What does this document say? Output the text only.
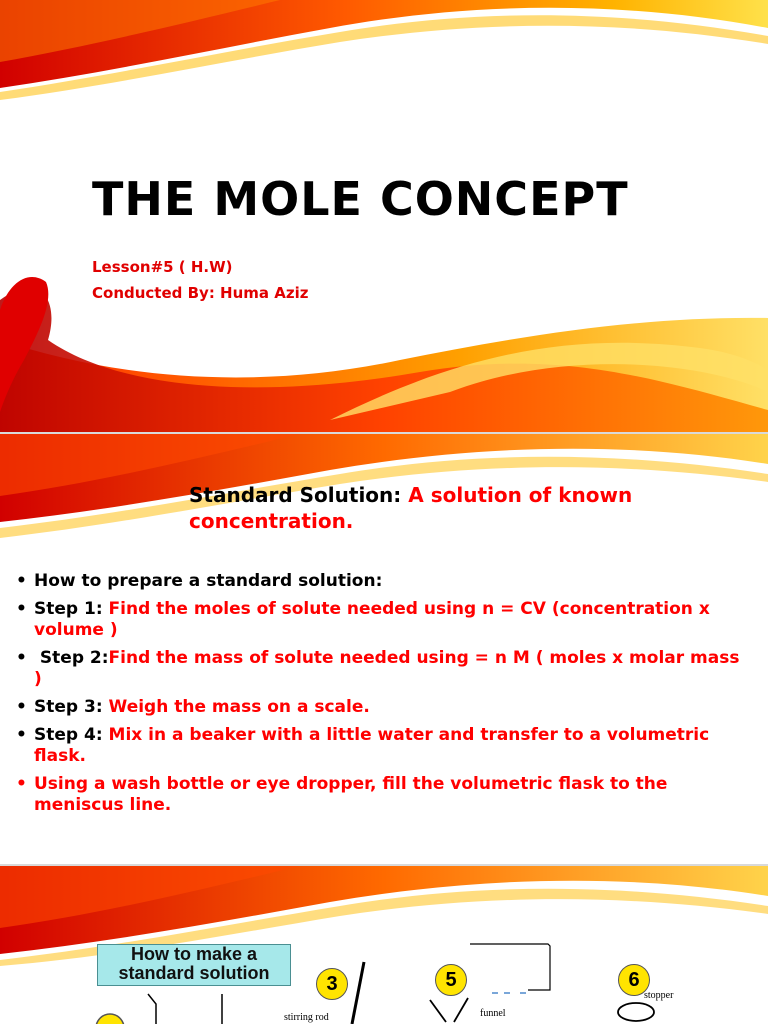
THE MOLE CONCEPT
Lesson#5 ( H.W)
Conducted By: Huma Aziz
Standard Solution: A solution of known concentration.
• How to prepare a standard solution:
• Step 1: Find the moles of solute needed using n = CV (concentration x volume )
• Step 2:Find the mass of solute needed using = n M ( moles x molar mass )
• Step 3: Weigh the mass on a scale.
• Step 4: Mix in a beaker with a little water and transfer to a volumetric flask.
• Using a wash bottle or eye dropper, fill the volumetric flask to the meniscus line.
How to make a standard solution	3	5	6
stirring rod	funnel
stopper
